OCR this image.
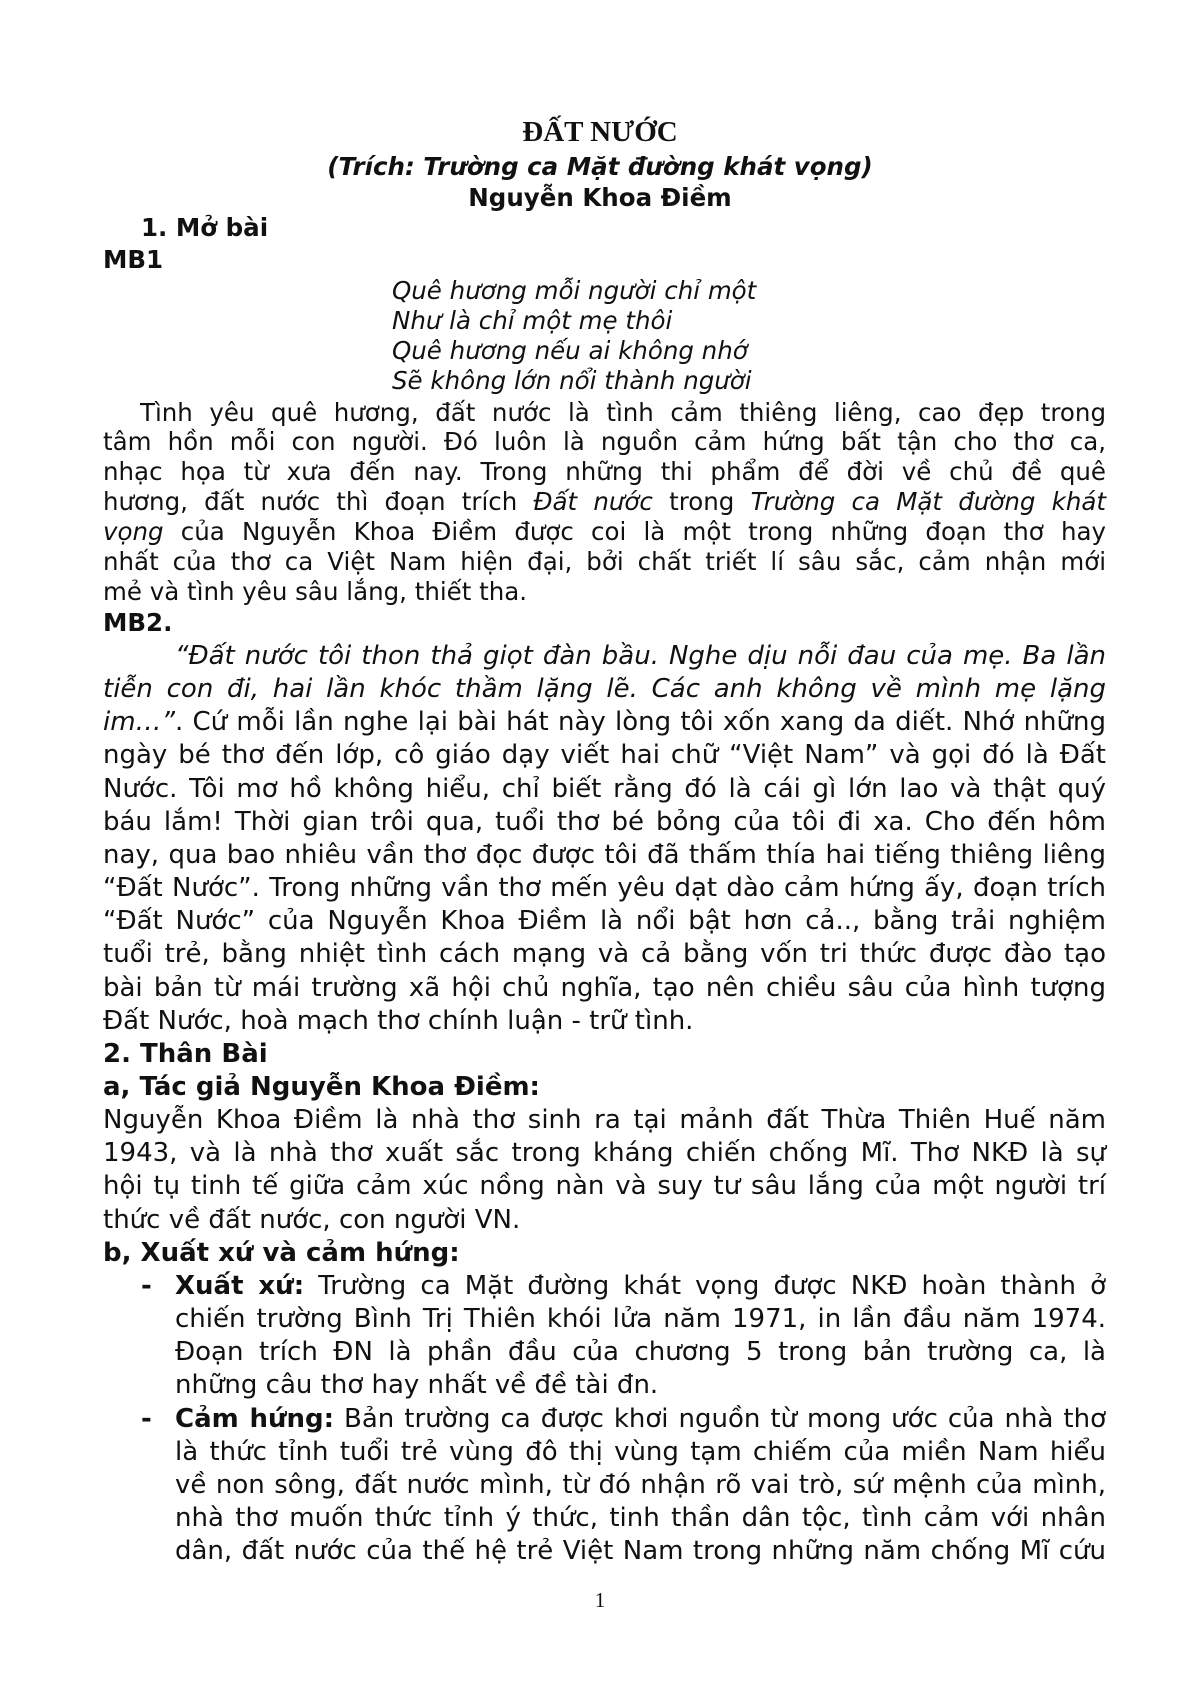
ĐẤT NƯỚC
(Trích: Trường ca Mặt đường khát vọng)
Nguyễn Khoa Điềm
1. Mở bài
MB1
Quê hương mỗi người chỉ một
Như là chỉ một mẹ thôi
Quê hương nếu ai không nhớ
Sẽ không lớn nổi thành người
Tình yêu quê hương, đất nước là tình cảm thiêng liêng, cao đẹp trong
tâm hồn mỗi con người. Đó luôn là nguồn cảm hứng bất tận cho thơ ca,
nhạc họa từ xưa đến nay. Trong những thi phẩm để đời về chủ đề quê
hương, đất nước thì đoạn trích Đất nước trong Trường ca Mặt đường khát
vọng của Nguyễn Khoa Điềm được coi là một trong những đoạn thơ hay
nhất của thơ ca Việt Nam hiện đại, bởi chất triết lí sâu sắc, cảm nhận mới
mẻ và tình yêu sâu lắng, thiết tha.
MB2.
“Đất nước tôi thon thả giọt đàn bầu. Nghe dịu nỗi đau của mẹ. Ba lần
tiễn con đi, hai lần khóc thầm lặng lẽ. Các anh không về mình mẹ lặng
im…”. Cứ mỗi lần nghe lại bài hát này lòng tôi xốn xang da diết. Nhớ những
ngày bé thơ đến lớp, cô giáo dạy viết hai chữ “Việt Nam” và gọi đó là Đất
Nước. Tôi mơ hồ không hiểu, chỉ biết rằng đó là cái gì lớn lao và thật quý
báu lắm! Thời gian trôi qua, tuổi thơ bé bỏng của tôi đi xa. Cho đến hôm
nay, qua bao nhiêu vần thơ đọc được tôi đã thấm thía hai tiếng thiêng liêng
“Đất Nước”. Trong những vần thơ mến yêu dạt dào cảm hứng ấy, đoạn trích
“Đất Nước” của Nguyễn Khoa Điềm là nổi bật hơn cả.., bằng trải nghiệm
tuổi trẻ, bằng nhiệt tình cách mạng và cả bằng vốn tri thức được đào tạo
bài bản từ mái trường xã hội chủ nghĩa, tạo nên chiều sâu của hình tượng
Đất Nước, hoà mạch thơ chính luận - trữ tình.
2. Thân Bài
a, Tác giả Nguyễn Khoa Điềm:
Nguyễn Khoa Điềm là nhà thơ sinh ra tại mảnh đất Thừa Thiên Huế năm
1943, và là nhà thơ xuất sắc trong kháng chiến chống Mĩ. Thơ NKĐ là sự
hội tụ tinh tế giữa cảm xúc nồng nàn và suy tư sâu lắng của một người trí
thức về đất nước, con người VN.
b, Xuất xứ và cảm hứng:
- Xuất xứ: Trường ca Mặt đường khát vọng được NKĐ hoàn thành ở
chiến trường Bình Trị Thiên khói lửa năm 1971, in lần đầu năm 1974.
Đoạn trích ĐN là phần đầu của chương 5 trong bản trường ca, là
những câu thơ hay nhất về đề tài đn.
- Cảm hứng: Bản trường ca được khơi nguồn từ mong ước của nhà thơ
là thức tỉnh tuổi trẻ vùng đô thị vùng tạm chiếm của miền Nam hiểu
về non sông, đất nước mình, từ đó nhận rõ vai trò, sứ mệnh của mình,
nhà thơ muốn thức tỉnh ý thức, tinh thần dân tộc, tình cảm với nhân
dân, đất nước của thế hệ trẻ Việt Nam trong những năm chống Mĩ cứu
1
